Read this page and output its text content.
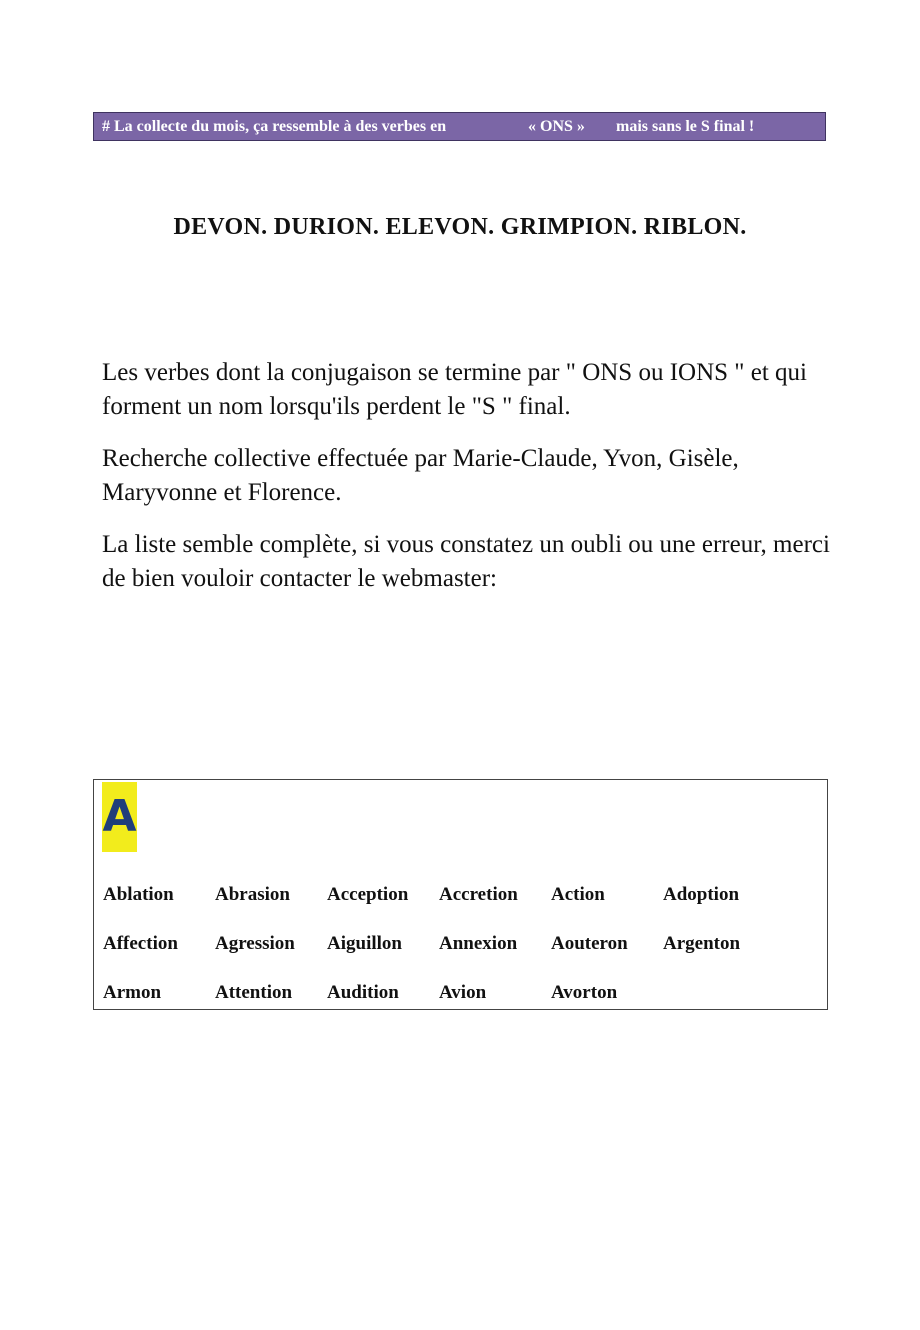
# La collecte du mois, ça ressemble à des verbes en	« ONS » mais sans le S final !
DEVON. DURION. ELEVON. GRIMPION. RIBLON.

Les verbes dont la conjugaison se termine par " ONS ou IONS " et qui forment un nom lorsqu'ils perdent le "S " final.

Recherche collective effectuée par Marie-Claude, Yvon, Gisèle, Maryvonne et Florence.

La liste semble complète, si vous constatez un oubli ou une erreur, merci de bien vouloir contacter le webmaster:

A
Ablation	Abrasion	Acception	Accretion	Action	Adoption
Affection	Agression	Aiguillon	Annexion	Aouteron	Argenton
Armon	Attention	Audition	Avion	Avorton
